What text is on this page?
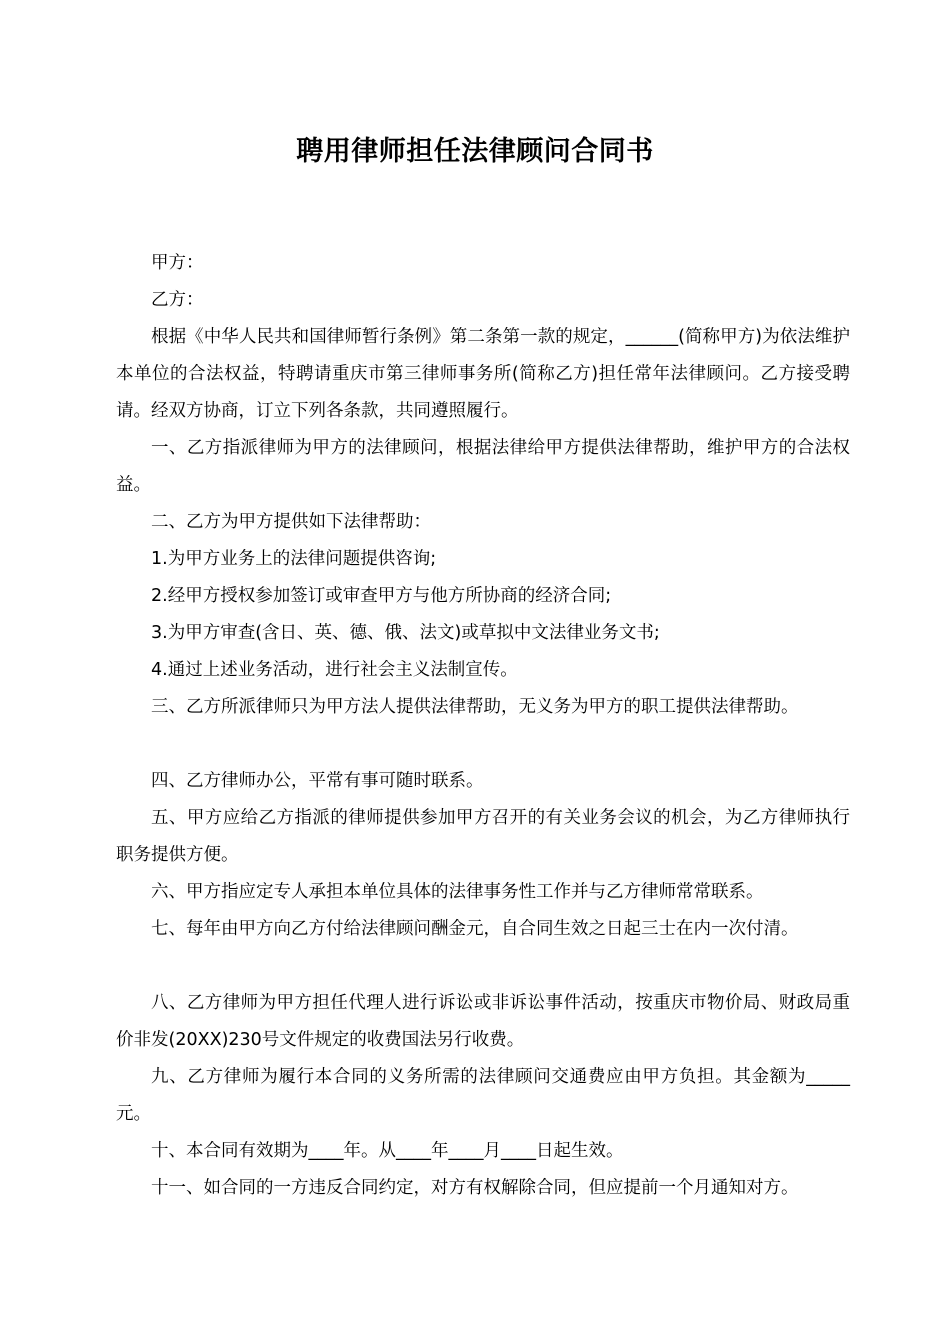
聘用律师担任法律顾问合同书

甲方：

乙方：

根据《中华人民共和国律师暂行条例》第二条第一款的规定，______(简称甲方)为依法维护本单位的合法权益，特聘请重庆市第三律师事务所(简称乙方)担任常年法律顾问。乙方接受聘请。经双方协商，订立下列各条款，共同遵照履行。

一、乙方指派律师为甲方的法律顾问，根据法律给甲方提供法律帮助，维护甲方的合法权益。

二、乙方为甲方提供如下法律帮助：

1.为甲方业务上的法律问题提供咨询;

2.经甲方授权参加签订或审查甲方与他方所协商的经济合同;

3.为甲方审查(含日、英、德、俄、法文)或草拟中文法律业务文书;

4.通过上述业务活动，进行社会主义法制宣传。

三、乙方所派律师只为甲方法人提供法律帮助，无义务为甲方的职工提供法律帮助。

四、乙方律师办公，平常有事可随时联系。

五、甲方应给乙方指派的律师提供参加甲方召开的有关业务会议的机会，为乙方律师执行职务提供方便。

六、甲方指应定专人承担本单位具体的法律事务性工作并与乙方律师常常联系。

七、每年由甲方向乙方付给法律顾问酬金元，自合同生效之日起三士在内一次付清。

八、乙方律师为甲方担任代理人进行诉讼或非诉讼事件活动，按重庆市物价局、财政局重价非发(20XX)230号文件规定的收费国法另行收费。

九、乙方律师为履行本合同的义务所需的法律顾问交通费应由甲方负担。其金额为_____元。

十、本合同有效期为____年。从____年____月____日起生效。

十一、如合同的一方违反合同约定，对方有权解除合同，但应提前一个月通知对方。
